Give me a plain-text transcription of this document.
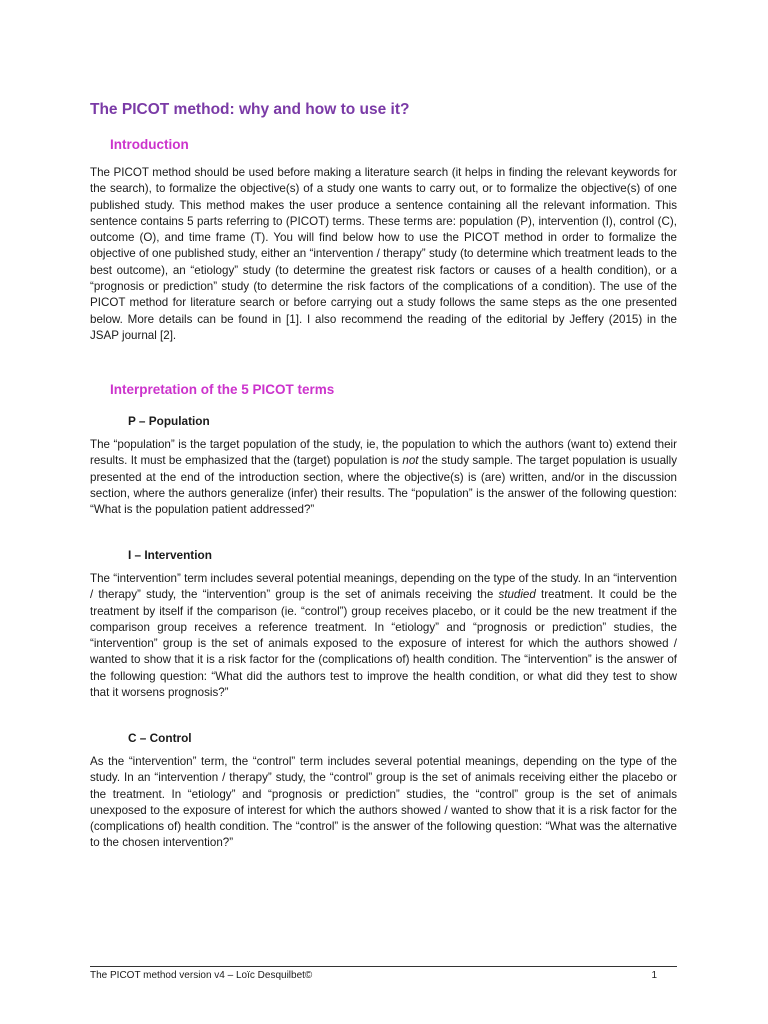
The PICOT method: why and how to use it?
Introduction

The PICOT method should be used before making a literature search (it helps in finding the relevant keywords for the search), to formalize the objective(s) of a study one wants to carry out, or to formalize the objective(s) of one published study. This method makes the user produce a sentence containing all the relevant information. This sentence contains 5 parts referring to (PICOT) terms. These terms are: population (P), intervention (I), control (C), outcome (O), and time frame (T). You will find below how to use the PICOT method in order to formalize the objective of one published study, either an “intervention / therapy” study (to determine which treatment leads to the best outcome), an “etiology” study (to determine the greatest risk factors or causes of a health condition), or a “prognosis or prediction” study (to determine the risk factors of the complications of a condition). The use of the PICOT method for literature search or before carrying out a study follows the same steps as the one presented below. More details can be found in [1]. I also recommend the reading of the editorial by Jeffery (2015) in the JSAP journal [2].

Interpretation of the 5 PICOT terms
P – Population

The “population” is the target population of the study, ie, the population to which the authors (want to) extend their results. It must be emphasized that the (target) population is not the study sample. The target population is usually presented at the end of the introduction section, where the objective(s) is (are) written, and/or in the discussion section, where the authors generalize (infer) their results. The “population” is the answer of the following question: “What is the population patient addressed?”

I – Intervention

The “intervention” term includes several potential meanings, depending on the type of the study. In an “intervention / therapy” study, the “intervention” group is the set of animals receiving the studied treatment. It could be the treatment by itself if the comparison (ie. “control”) group receives placebo, or it could be the new treatment if the comparison group receives a reference treatment. In “etiology” and “prognosis or prediction” studies, the “intervention” group is the set of animals exposed to the exposure of interest for which the authors showed / wanted to show that it is a risk factor for the (complications of) health condition. The “intervention” is the answer of the following question: “What did the authors test to improve the health condition, or what did they test to show that it worsens prognosis?”

C – Control

As the “intervention” term, the “control” term includes several potential meanings, depending on the type of the study. In an “intervention / therapy” study, the “control” group is the set of animals receiving either the placebo or the treatment. In “etiology” and “prognosis or prediction” studies, the “control” group is the set of animals unexposed to the exposure of interest for which the authors showed / wanted to show that it is a risk factor for the (complications of) health condition. The “control” is the answer of the following question: “What was the alternative to the chosen intervention?”

The PICOT method version v4 – Loïc Desquilbet©	1
